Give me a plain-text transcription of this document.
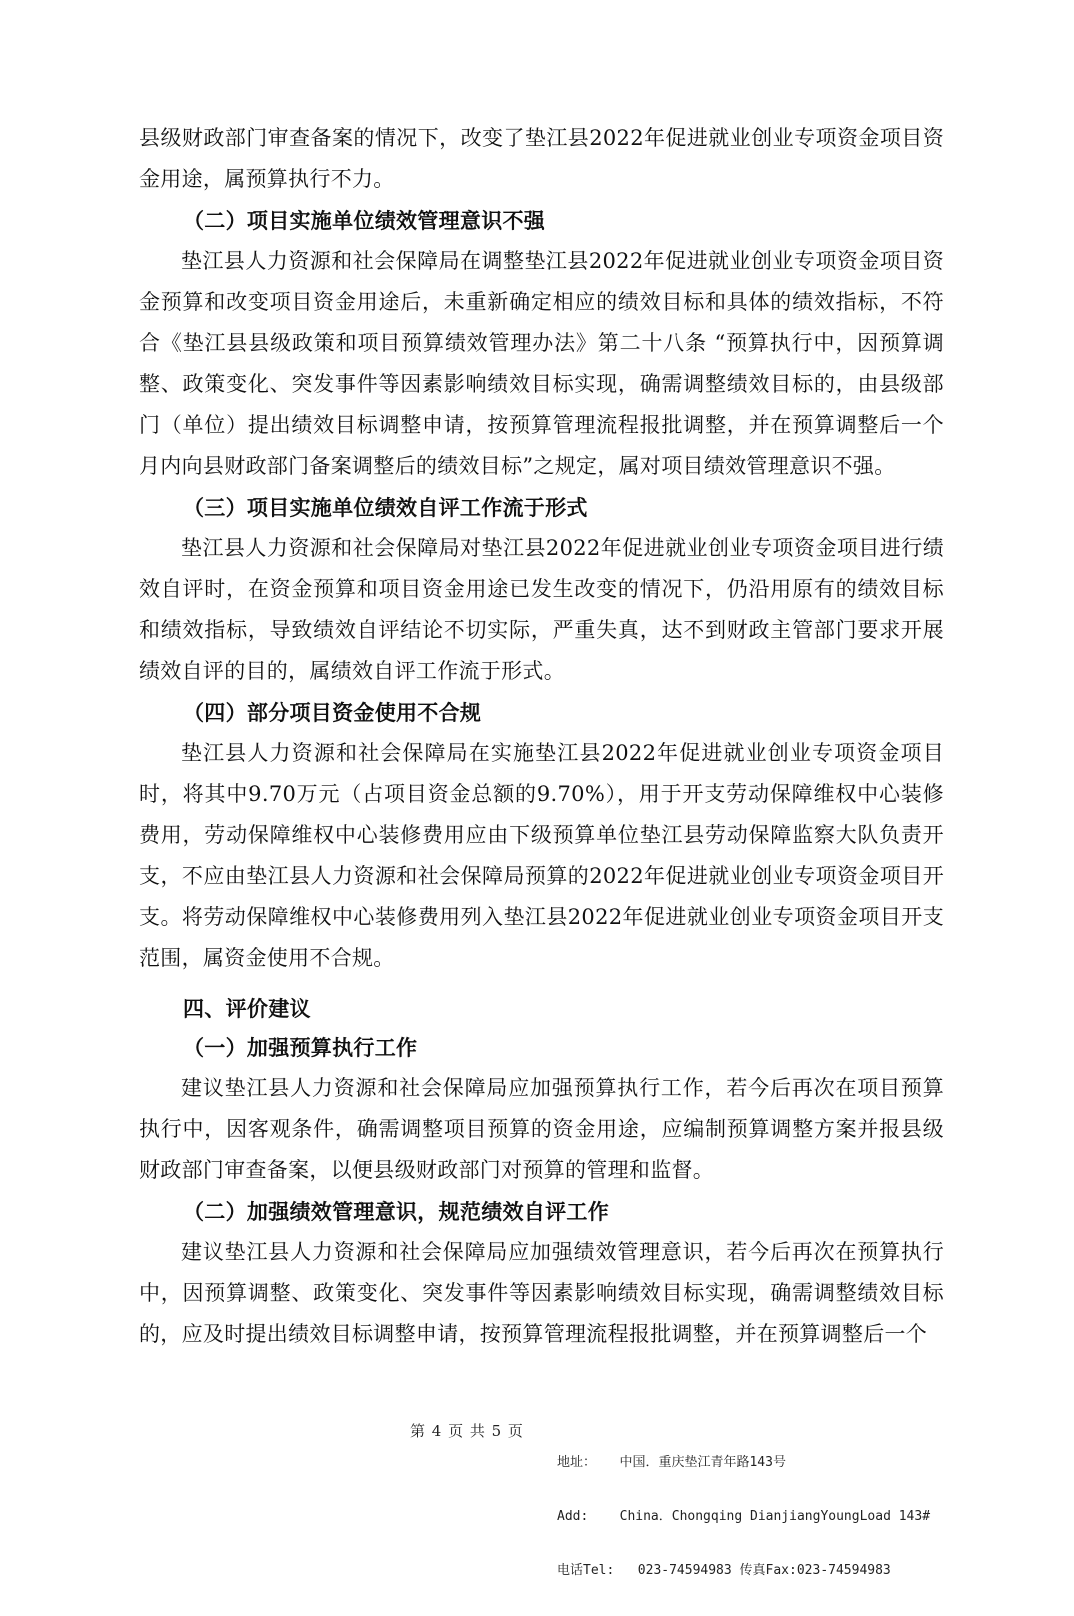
县级财政部门审查备案的情况下，改变了垫江县2022年促进就业创业专项资金项目资金用途，属预算执行不力。

（二）项目实施单位绩效管理意识不强

垫江县人力资源和社会保障局在调整垫江县2022年促进就业创业专项资金项目资金预算和改变项目资金用途后，未重新确定相应的绩效目标和具体的绩效指标，不符合《垫江县县级政策和项目预算绩效管理办法》第二十八条 “预算执行中，因预算调整、政策变化、突发事件等因素影响绩效目标实现，确需调整绩效目标的，由县级部门（单位）提出绩效目标调整申请，按预算管理流程报批调整，并在预算调整后一个月内向县财政部门备案调整后的绩效目标”之规定，属对项目绩效管理意识不强。

（三）项目实施单位绩效自评工作流于形式

垫江县人力资源和社会保障局对垫江县2022年促进就业创业专项资金项目进行绩效自评时，在资金预算和项目资金用途已发生改变的情况下，仍沿用原有的绩效目标和绩效指标，导致绩效自评结论不切实际，严重失真，达不到财政主管部门要求开展绩效自评的目的，属绩效自评工作流于形式。

（四）部分项目资金使用不合规

垫江县人力资源和社会保障局在实施垫江县2022年促进就业创业专项资金项目时，将其中9.70万元（占项目资金总额的9.70%），用于开支劳动保障维权中心装修费用，劳动保障维权中心装修费用应由下级预算单位垫江县劳动保障监察大队负责开支，不应由垫江县人力资源和社会保障局预算的2022年促进就业创业专项资金项目开支。将劳动保障维权中心装修费用列入垫江县2022年促进就业创业专项资金项目开支范围，属资金使用不合规。

四、评价建议

（一）加强预算执行工作

建议垫江县人力资源和社会保障局应加强预算执行工作，若今后再次在项目预算执行中，因客观条件，确需调整项目预算的资金用途，应编制预算调整方案并报县级财政部门审查备案，以便县级财政部门对预算的管理和监督。

（二）加强绩效管理意识，规范绩效自评工作

建议垫江县人力资源和社会保障局应加强绩效管理意识，若今后再次在预算执行中，因预算调整、政策变化、突发事件等因素影响绩效目标实现，确需调整绩效目标的，应及时提出绩效目标调整申请，按预算管理流程报批调整，并在预算调整后一个

第 4 页 共 5 页

地址：   中国．重庆垫江青年路143号

Add:    China．Chongqing DianjiangYoungLoad 143#

电话Tel:   023-74594983 传真Fax:023-74594983
